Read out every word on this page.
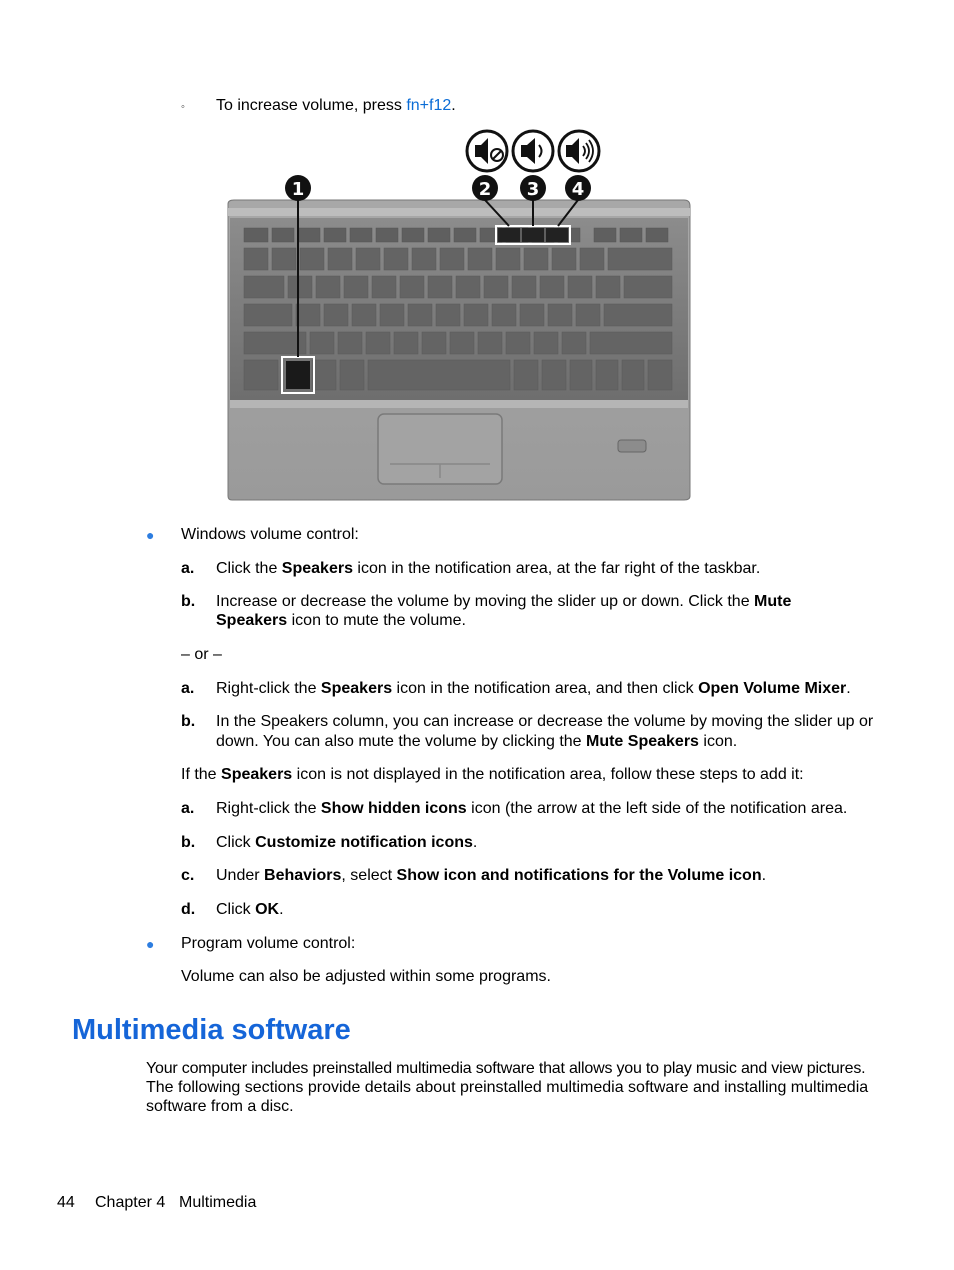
◦ To increase volume, press fn+f12.
1	2 3 4
● Windows volume control:
a. Click the Speakers icon in the notification area, at the far right of the taskbar.
b. Increase or decrease the volume by moving the slider up or down. Click the Mute
Speakers icon to mute the volume.
– or –
a. Right-click the Speakers icon in the notification area, and then click Open Volume Mixer.
b. In the Speakers column, you can increase or decrease the volume by moving the slider up or
down. You can also mute the volume by clicking the Mute Speakers icon.
If the Speakers icon is not displayed in the notification area, follow these steps to add it:
a. Right-click the Show hidden icons icon (the arrow at the left side of the notification area.
b. Click Customize notification icons.
c. Under Behaviors, select Show icon and notifications for the Volume icon.
d. Click OK.
● Program volume control:
Volume can also be adjusted within some programs.
Multimedia software
Your computer includes preinstalled multimedia software that allows you to play music and view pictures.
The following sections provide details about preinstalled multimedia software and installing multimedia
software from a disc.
44 Chapter 4 Multimedia
